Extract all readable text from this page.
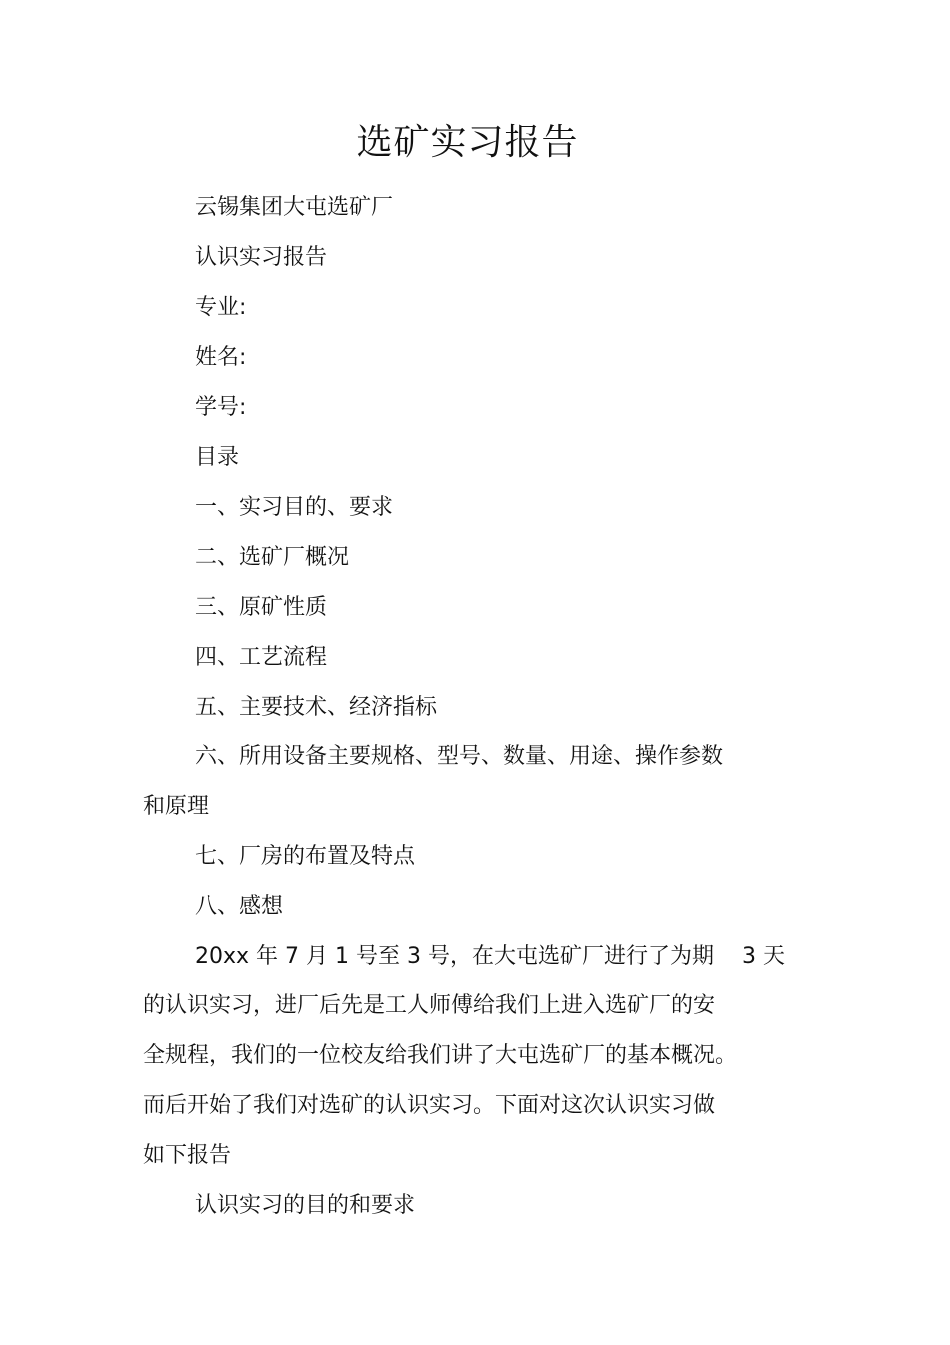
选矿实习报告
云锡集团大屯选矿厂
认识实习报告
专业:
姓名:
学号:
目录
一、实习目的、要求
二、选矿厂概况
三、原矿性质
四、工艺流程
五、主要技术、经济指标
六、所用设备主要规格、型号、数量、用途、操作参数
和原理
七、厂房的布置及特点
八、感想
20xx 年 7 月 1 号至 3 号，在大屯选矿厂进行了为期    3 天
的认识实习，进厂后先是工人师傅给我们上进入选矿厂的安
全规程，我们的一位校友给我们讲了大屯选矿厂的基本概况。
而后开始了我们对选矿的认识实习。下面对这次认识实习做
如下报告
认识实习的目的和要求
